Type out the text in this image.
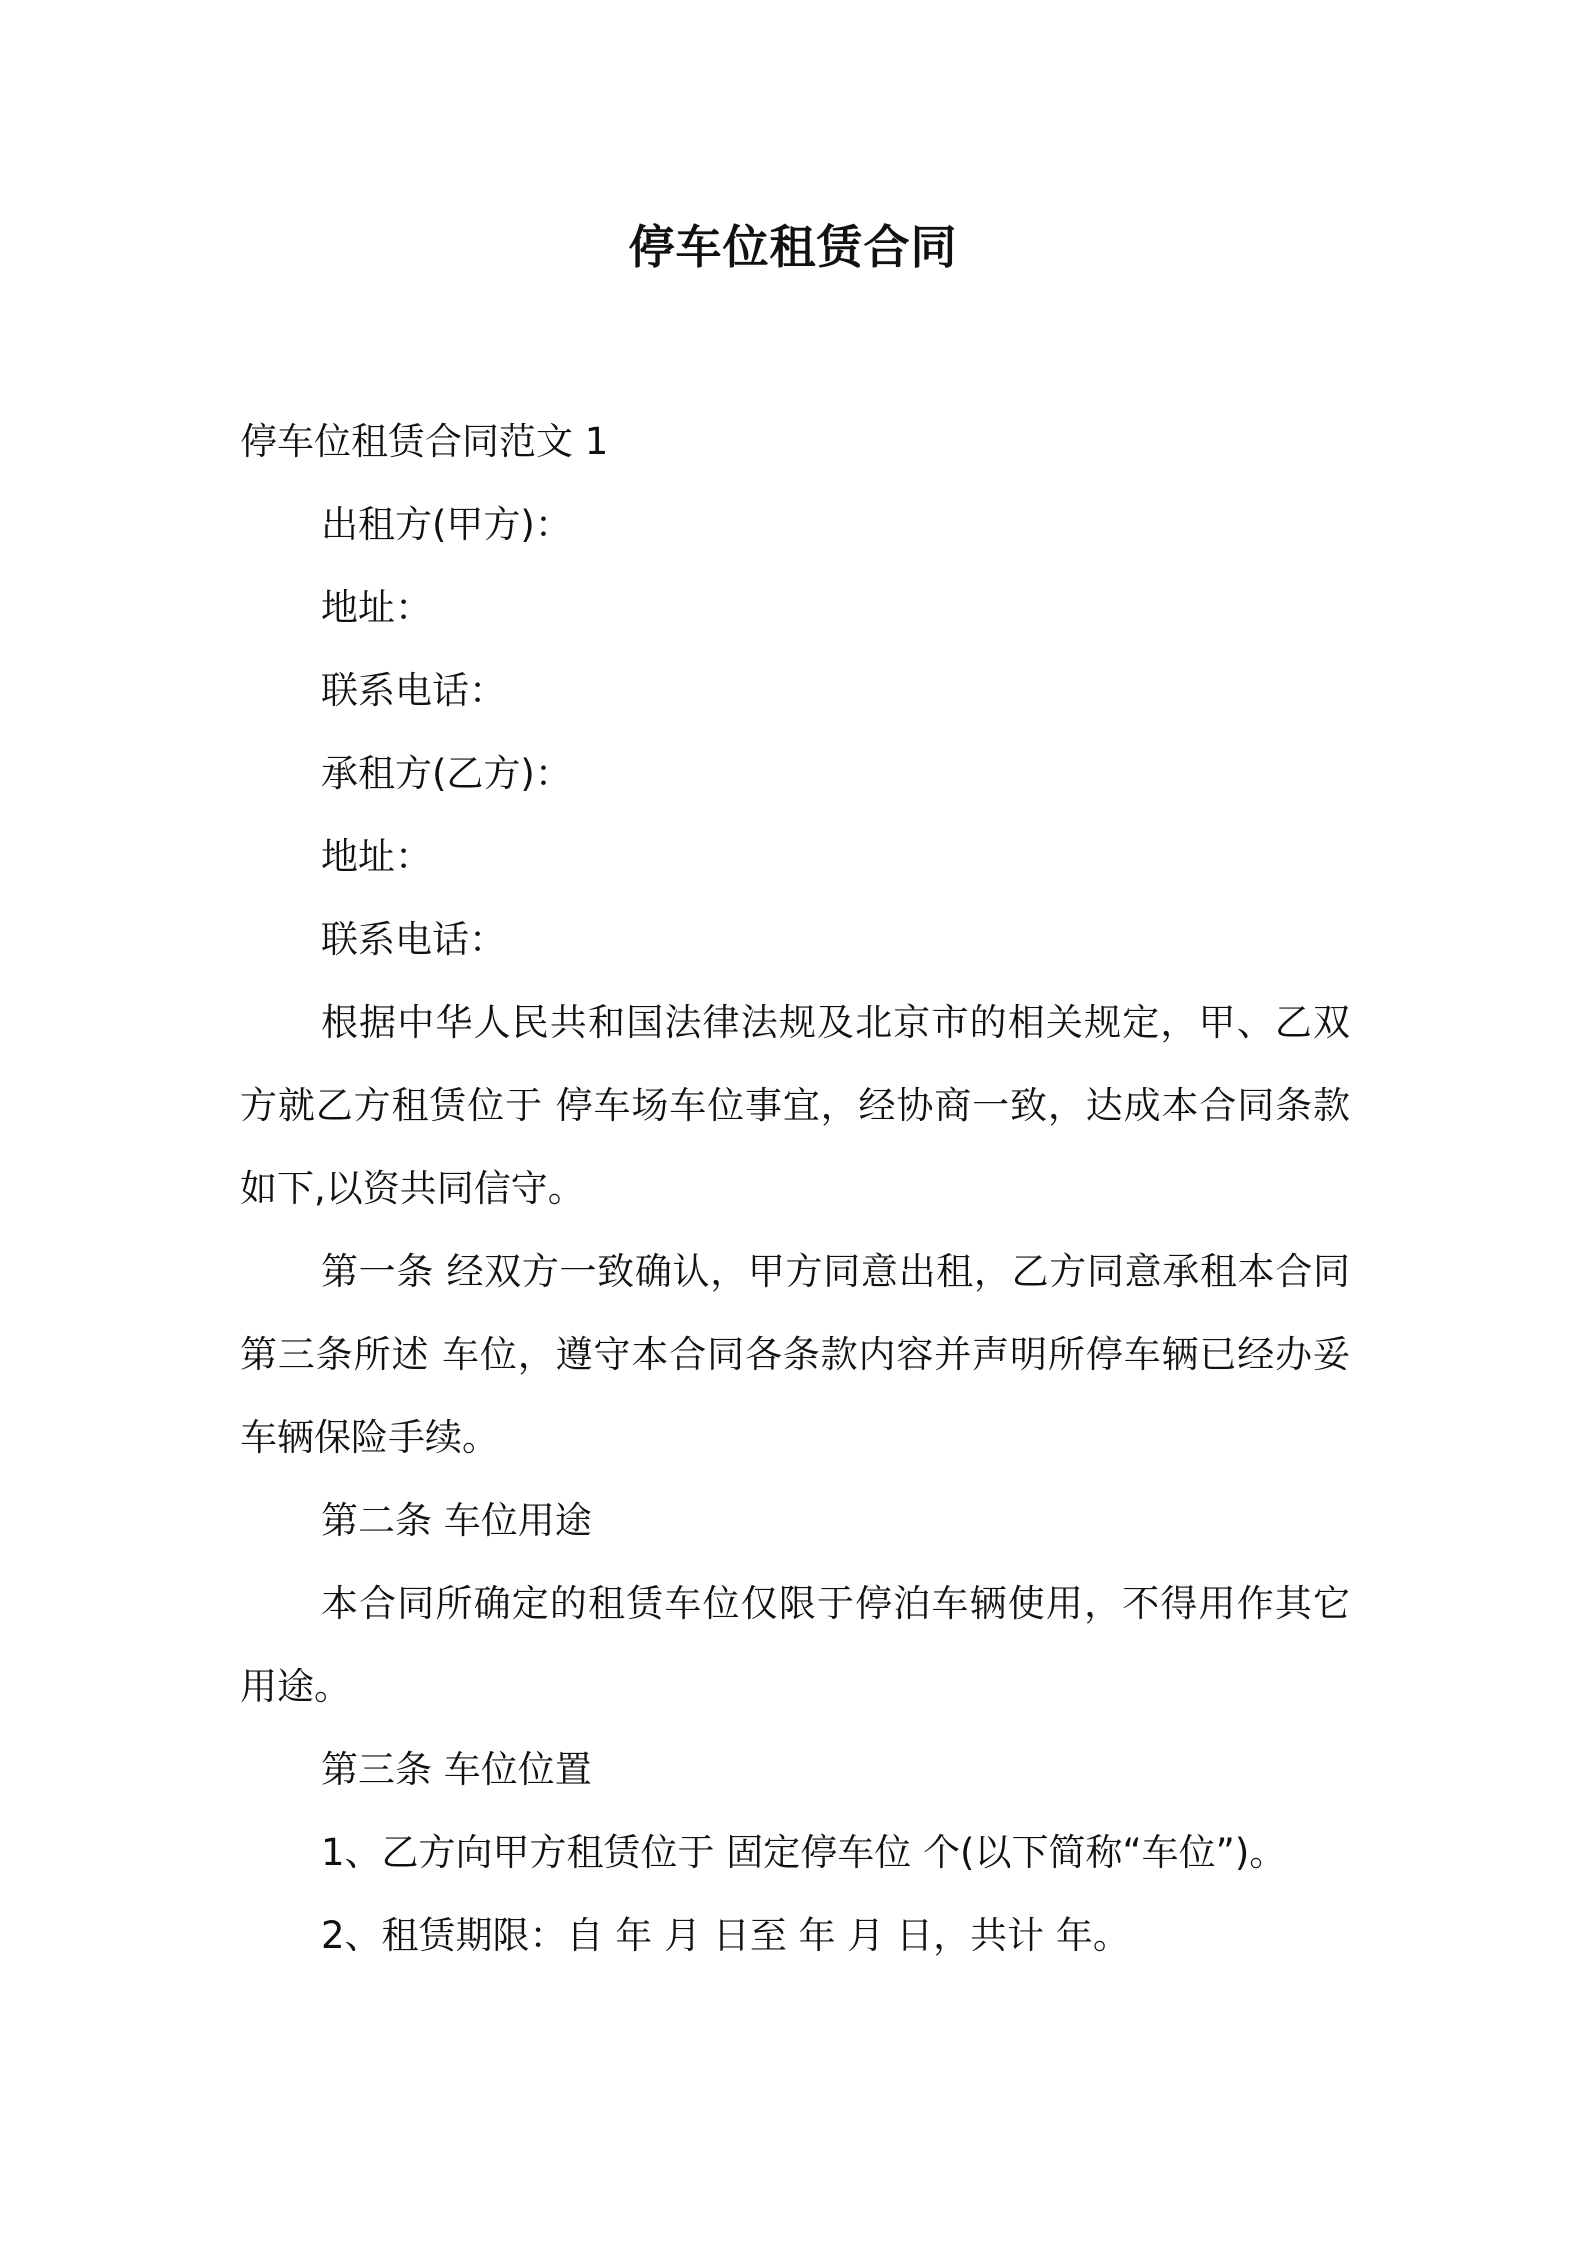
停车位租赁合同

停车位租赁合同范文 1

出租方(甲方)：

地址：

联系电话：

承租方(乙方)：

地址：

联系电话：

根据中华人民共和国法律法规及北京市的相关规定，甲、乙双方就乙方租赁位于 停车场车位事宜，经协商一致，达成本合同条款如下,以资共同信守。

第一条 经双方一致确认，甲方同意出租，乙方同意承租本合同第三条所述 车位，遵守本合同各条款内容并声明所停车辆已经办妥车辆保险手续。

第二条 车位用途

本合同所确定的租赁车位仅限于停泊车辆使用，不得用作其它用途。

第三条 车位位置

1、乙方向甲方租赁位于 固定停车位 个(以下简称“车位”)。

2、租赁期限：自 年 月 日至 年 月 日，共计 年。
